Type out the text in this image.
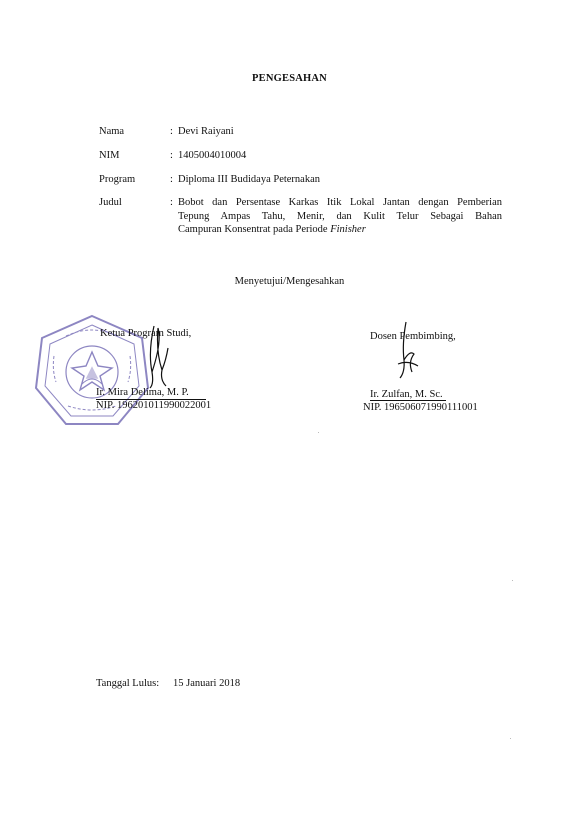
PENGESAHAN
Nama	: Devi Raiyani
NIM	: 1405004010004
Program	: Diploma III Budidaya Peternakan
Judul	: Bobot dan Persentase Karkas Itik Lokal Jantan dengan Pemberian
Tepung Ampas Tahu, Menir, dan Kulit Telur Sebagai Bahan
Campuran Konsentrat pada Periode Finisher
Menyetujui/Mengesahkan
Ketua Program Studi,
Ir. Mira Delima, M. P.
NIP. 196201011990022001
Dosen Pembimbing,
Ir. Zulfan, M. Sc.
NIP. 196506071990111001
Tanggal Lulus: 15 Januari 2018
